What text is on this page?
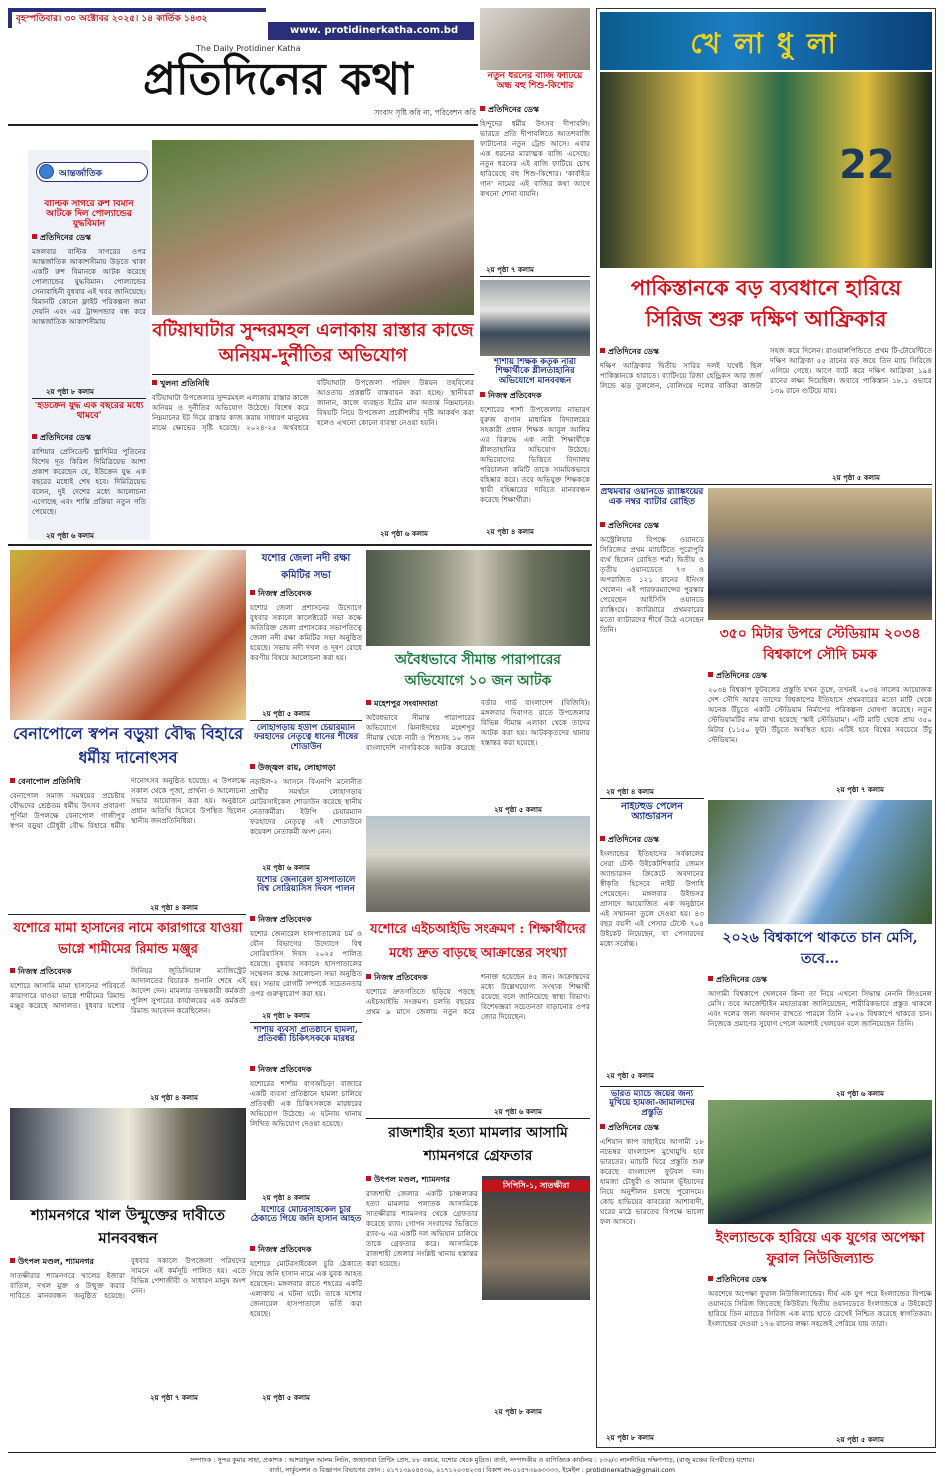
বৃহস্পতিবার। ৩০ অক্টোবর ২০২৫। ১৪ কার্তিক ১৪৩২
www. protidinerkatha.com.bd
The Daily Protidiner Katha
প্রতিদিনের কথা
সংবাদ সৃষ্টি করি না, পরিবেশন করি
আন্তর্জাতিক
বাল্টিক সাগরে রুশ বিমান আটকে দিল পোল্যান্ডের যুদ্ধবিমান
প্রতিদিনের ডেস্ক
মঙ্গলবার বাল্টিক সাগরের ওপর আন্তর্জাতিক আকাশসীমায় উড়তে থাকা একটি রুশ বিমানকে আটক করেছে পোল্যান্ডের যুদ্ধবিমান। পোল্যান্ডের সেনাবাহিনী বুধবার এই খবর জানিয়েছে। বিমানটি কোনো ফ্লাইট পরিকল্পনা জমা দেয়নি এবং এর ট্রান্সপন্ডার বন্ধ করে আন্তর্জাতিক আকাশসীমায়
২য় পৃষ্ঠা ৮ কলাম
'ইউক্রেন যুদ্ধ এক বছরের মধ্যে থামবে'
প্রতিদিনের ডেস্ক
রাশিয়ার প্রেসিডেন্ট ভ্লাদিমির পুতিনের বিশেষ দূত কিরিল দিমিত্রিয়েভ আশা প্রকাশ করেছেন যে, ইউক্রেন যুদ্ধ এক বছরের মধ্যেই শেষ হবে। দিমিত্রিয়েভ বলেন, দুই দেশের মধ্যে আলোচনা এগোচ্ছে এবং শান্তি প্রক্রিয়া নতুন গতি পেয়েছে।
২য় পৃষ্ঠা ৬ কলাম
বটিয়াঘাটার সুন্দরমহল এলাকায় রাস্তার কাজে অনিয়ম-দুর্নীতির অভিযোগ
খুলনা প্রতিনিধি
বটিয়াঘাটা উপজেলার সুন্দরমহল এলাকায় রাস্তার কাজে অনিয়ম ও দুর্নীতির অভিযোগ উঠেছে। বিশেষ করে নিম্নমানের ইট দিয়ে রাস্তার কাজ করায় সাধারণ মানুষের মাঝে ক্ষোভের সৃষ্টি হয়েছে। ২০২৪-২৫ অর্থবছরে বটিয়াঘাটা উপজেলা পরিষদ উন্নয়ন তহবিলের আওতায় প্রকল্পটি বাস্তবায়ন করা হচ্ছে। স্থানীয়রা জানান, কাজে ব্যবহৃত ইটের মান অত্যন্ত নিম্নমানের। বিষয়টি নিয়ে উপজেলা প্রকৌশলীর দৃষ্টি আকর্ষণ করা হলেও এখনো কোনো ব্যবস্থা নেওয়া হয়নি।
২য় পৃষ্ঠা ৬ কলাম
নতুন ধরনের বাজি ফাটিয়ে অন্ধ বহু শিশু-কিশোর
প্রতিদিনের ডেস্ক
হিন্দুদের ধর্মীয় উৎসব দীপাবলি। ভারতে প্রতি দীপাবলিতে আতশবাজি ফাটানোর নতুন ট্রেন্ড আসে। এবার এক ধরনের মারাত্মক বাজি এসেছে। নতুন ধরনের এই বাজি ফাটিয়ে চোখ হারিয়েছে বহু শিশু-কিশোর। 'কার্বাইড গান' নামের এই বাজির কথা আগে কখনো শোনা যায়নি।
২য় পৃষ্ঠা ৭ কলাম
শার্শায় শিক্ষক কর্তৃক নারী শিক্ষার্থীকে শ্লীলতাহানির অভিযোগে মানববন্ধন
নিজস্ব প্রতিবেদক
যশোরের শার্শা উপজেলার নাভারণ বুরুজ বাগান মাধ্যমিক বিদ্যালয়ের সহকারী প্রধান শিক্ষক আবুল আলিম এর বিরুদ্ধে এক নারী শিক্ষার্থীকে শ্লীলতাহানির অভিযোগ উঠেছে। অভিযোগের ভিত্তিতে বিদ্যালয় পরিচালনা কমিটি তাকে সাময়িকভাবে বহিষ্কার করে। তবে অভিযুক্ত শিক্ষককে স্থায়ী বহিষ্কারের দাবিতে মানববন্ধন করেছে শিক্ষার্থীরা।
২য় পৃষ্ঠা ৪ কলাম
খেলাধুলা
22
পাকিস্তানকে বড় ব্যবধানে হারিয়ে সিরিজ শুরু দক্ষিণ আফ্রিকার
প্রতিদিনের ডেস্ক
দক্ষিণ আফ্রিকার দ্বিতীয় সারির দলই যথেষ্ট ছিল পাকিস্তানকে হারাতে। ব্যাটিংয়ে রিজা হেন্ড্রিকস আর জর্জ লিন্ডে ঝড় তুললেন, বোলিংয়ে দলের বাকিরা কাজটা সহজ করে দিলেন। রাওয়ালপিন্ডিতে প্রথম টি-টোয়েন্টিতে দক্ষিণ আফ্রিকা ৫৫ রানের বড় জয়ে তিন ম্যাচ সিরিজে এগিয়ে গেছে। আগে ব্যাট করে দক্ষিণ আফ্রিকা ১৯৪ রানের লক্ষ্য দিয়েছিল। জবাবে পাকিস্তান ১৮.১ ওভারে ১৩৯ রানে গুটিয়ে যায়।
২য় পৃষ্ঠা ৫ কলাম
প্রথমবার ওয়ানডে র‌্যাঙ্কিংয়ের এক নম্বর ব্যাটার রোহিত
প্রতিদিনের ডেস্ক
অস্ট্রেলিয়ার বিপক্ষে ওয়ানডে সিরিজের প্রথম ম্যাচটিতে পুরোপুরি ব্যর্থ ছিলেন রোহিত শর্মা। দ্বিতীয় ও তৃতীয় ওয়ানডেতে ৭৩ ও অপরাজিত ১২১ রানের ইনিংস খেলেন। এই পারফরম্যান্সের পুরস্কার পেয়েছেন আইসিসি ওয়ানডে র‌্যাঙ্কিংয়ে। ক্যারিয়ারে প্রথমবারের মতো ব্যাটারদের শীর্ষে উঠে এসেছেন তিনি।
২য় পৃষ্ঠা ৪ কলাম
৩৫০ মিটার উপরে স্টেডিয়াম ২০৩৪ বিশ্বকাপে সৌদি চমক
প্রতিদিনের ডেস্ক
২০৩৪ বিশ্বকাপ ফুটবলের প্রস্তুতি যখন তুঙ্গে, তখনই ২০৩৪ সালের আয়োজক দেশ সৌদি আরব তাদের বিশ্বকাপের ইতিহাসে প্রথমবারের মতো মাটি থেকে অনেক উঁচুতে একটি স্টেডিয়াম নির্মাণের পরিকল্পনা ঘোষণা করেছে। নতুন স্টেডিয়ামটির নাম রাখা হয়েছে 'স্কাই স্টেডিয়াম'। এটি মাটি থেকে প্রায় ৩৫০ মিটার (১১৫০ ফুট) উঁচুতে অবস্থিত হবে। এটিই হবে বিশ্বের সবচেয়ে উঁচু স্টেডিয়াম।
২য় পৃষ্ঠা ৭ কলাম
নাইটহুড পেলেন অ্যান্ডারসন
প্রতিদিনের ডেস্ক
ইংল্যান্ডের ইতিহাসের সর্বকালের সেরা টেস্ট উইকেটশিকারি জেমস অ্যান্ডারসন ক্রিকেটে অবদানের স্বীকৃতি হিসেবে নাইট উপাধি পেয়েছেন। মঙ্গলবার উইন্ডসর প্রাসাদে আয়োজিত এক অনুষ্ঠানে এই সম্মাননা তুলে দেওয়া হয়। ৪৩ বছর বয়সী এই পেসার টেস্টে ৭০৪ উইকেট নিয়েছেন, যা পেসারদের মধ্যে সর্বোচ্চ।
২য় পৃষ্ঠা ৫ কলাম
২০২৬ বিশ্বকাপে থাকতে চান মেসি, তবে…
প্রতিদিনের ডেস্ক
আগামী বিশ্বকাপে খেলবেন কিনা তা নিয়ে এখনো সিদ্ধান্ত নেননি লিওনেল মেসি। তবে আর্জেন্টাইন মহাতারকা জানিয়েছেন, শারীরিকভাবে প্রস্তুত থাকলে এবং দলের জন্য অবদান রাখতে পারলে তিনি ২০২৬ বিশ্বকাপে থাকতে চান। নিজেকে প্রমাণের সুযোগ পেলে অবশ্যই খেলবেন বলে জানিয়েছেন তিনি।
২য় পৃষ্ঠা ৬ কলাম
ভারত ম্যাচে জয়ের জন্য মুখিয়ে হামজা-জামালদের প্রস্তুতি
প্রতিদিনের ডেস্ক
এশিয়ান কাপ বাছাইয়ে আগামী ১৮ নভেম্বর বাংলাদেশ মুখোমুখি হবে ভারতের। ম্যাচটি ঘিরে প্রস্তুতি শুরু করেছে বাংলাদেশ ফুটবল দল। হামজা চৌধুরী ও জামাল ভূঁইয়াদের নিয়ে অনুশীলন চলছে পুরোদমে। কোচ হাভিয়ের কাবরেরা আশাবাদী, ঘরের মাঠে ভারতের বিপক্ষে ভালো ফল আসবে।
২য় পৃষ্ঠা ৮ কলাম
ইংল্যান্ডকে হারিয়ে এক যুগের অপেক্ষা ফুরাল নিউজিল্যান্ড
প্রতিদিনের ডেস্ক
অবশেষে অপেক্ষা ফুরাল নিউজিল্যান্ডের। দীর্ঘ এক যুগ পরে ইংল্যান্ডের বিপক্ষে ওয়ানডে সিরিজ জিতেছে কিউইরা। দ্বিতীয় ওয়ানডেতে ইংল্যান্ডকে ৫ উইকেটে হারিয়ে তিন ম্যাচের সিরিজ এক ম্যাচ হাতে রেখেই নিশ্চিত করেছে স্বাগতিকরা। ইংল্যান্ডের দেওয়া ১৭৬ রানের লক্ষ্য সহজেই পেরিয়ে যায় তারা।
২য় পৃষ্ঠা ৫ কলাম
বেনাপোলে স্বপন বড়ুয়া বৌদ্ধ বিহারে ধর্মীয় দানোৎসব
বেনাপোল প্রতিনিধি
বেনাপোল সমাজ সমন্বয়ের প্রচেষ্টায় বৌদ্ধদের শ্রেষ্ঠতম ধর্মীয় উৎসব প্রবারণা পূর্ণিমা উপলক্ষে বেনাপোল গাজীপুর স্বপন বড়ুয়া চৌধুরী বৌদ্ধ বিহারে ধর্মীয় দানোৎসব অনুষ্ঠিত হয়েছে। এ উপলক্ষে সকাল থেকে পূজা, প্রার্থনা ও আলোচনা সভার আয়োজন করা হয়। অনুষ্ঠানে প্রধান অতিথি হিসেবে উপস্থিত ছিলেন স্থানীয় জনপ্রতিনিধিরা।
২য় পৃষ্ঠা ৪ কলাম
যশোর জেলা নদী রক্ষা কমিটির সভা
নিজস্ব প্রতিবেদক
যশোর জেলা প্রশাসনের উদ্যোগে বুধবার সকালে কালেক্টরেট সভা কক্ষে অতিরিক্ত জেলা প্রশাসকের সভাপতিত্বে জেলা নদী রক্ষা কমিটির সভা অনুষ্ঠিত হয়েছে। সভায় নদী দখল ও দূষণ রোধে করণীয় বিষয়ে আলোচনা করা হয়।
২য় পৃষ্ঠা ৫ কলাম
লোহাগড়ায় ইউপি চেয়ারম্যান ফরহাদের নেতৃত্বে ধানের শীষের শোডাউন
উজ্জ্বল রায়, লোহাগড়া
নড়াইল-২ আসনে বিএনপি মনোনীত প্রার্থীর সমর্থনে লোহাগড়ায় মোটরসাইকেল শোডাউন করেছে স্থানীয় নেতাকর্মীরা। ইউপি চেয়ারম্যান ফরহাদের নেতৃত্বে এই শোডাউনে কয়েকশ নেতাকর্মী অংশ নেন।
২য় পৃষ্ঠা ৬ কলাম
অবৈধভাবে সীমান্ত পারাপারের অভিযোগে ১০ জন আটক
মহেশপুর সংবাদদাতা
অবৈধভাবে সীমান্ত পারাপারের অভিযোগে ঝিনাইদহের মহেশপুর সীমান্ত থেকে নারী ও শিশুসহ ১০ জন বাংলাদেশি নাগরিককে আটক করেছে বর্ডার গার্ড বাংলাদেশ (বিজিবি)। মঙ্গলবার দিবাগত রাতে উপজেলার বিভিন্ন সীমান্ত এলাকা থেকে তাদের আটক করা হয়। আটককৃতদের থানায় হস্তান্তর করা হয়েছে।
২য় পৃষ্ঠা ৫ কলাম
যশোরে মামা হাসানের নামে কারাগারে যাওয়া ভাগ্নে শামীমের রিমান্ড মঞ্জুর
নিজস্ব প্রতিবেদক
যশোরে আসামি মামা হাসানের পরিবর্তে কারাগারে যাওয়া ভাগ্নে শামীমের রিমান্ড মঞ্জুর করেছে আদালত। বুধবার যশোর সিনিয়র জুডিসিয়াল ম্যাজিস্ট্রেট আদালতের বিচারক শুনানি শেষে এই আদেশ দেন। মামলার তদন্তকারী কর্মকর্তা পুলিশ সুপারের কার্যালয়ের এক কর্মকর্তা রিমান্ড আবেদন করেছিলেন।
২য় পৃষ্ঠা ৪ কলাম
যশোর জেনারেল হাসপাতালে বিশ্ব সোরিয়াসিস দিবস পালন
নিজস্ব প্রতিবেদক
যশোর জেনারেল হাসপাতালের চর্ম ও যৌন বিভাগের উদ্যোগে বিশ্ব সোরিয়াসিস দিবস ২০২৫ পালিত হয়েছে। বুধবার সকালে হাসপাতালের সম্মেলন কক্ষে আলোচনা সভা অনুষ্ঠিত হয়। সভায় রোগটি সম্পর্কে সচেতনতার ওপর গুরুত্বারোপ করা হয়।
২য় পৃষ্ঠা ৮ কলাম
শার্শায় ব্যবসা প্রতিষ্ঠানে হামলা, প্রতিবন্ধী চিকিৎসককে মারধর
নিজস্ব প্রতিবেদক
যশোরের শার্শায় বাগআঁচড়া বাজারে একটি ব্যবসা প্রতিষ্ঠানে হামলা চালিয়ে প্রতিবন্ধী এক চিকিৎসককে মারধরের অভিযোগ উঠেছে। এ ঘটনায় থানায় লিখিত অভিযোগ দেওয়া হয়েছে।
২য় পৃষ্ঠা ৪ কলাম
যশোরে এইচআইভি সংক্রমণ : শিক্ষার্থীদের মধ্যে দ্রুত বাড়ছে আক্রান্তের সংখ্যা
নিজস্ব প্রতিবেদক
যশোরে দ্রুতগতিতে ছড়িয়ে পড়ছে এইচআইভি সংক্রমণ। চলতি বছরের প্রথম ৯ মাসে জেলায় নতুন করে শনাক্ত হয়েছেন ৪৫ জন। আক্রান্তদের মধ্যে উল্লেখযোগ্য সংখ্যক শিক্ষার্থী রয়েছে বলে জানিয়েছে স্বাস্থ্য বিভাগ। বিশেষজ্ঞরা সচেতনতা বাড়ানোর ওপর জোর দিয়েছেন।
২য় পৃষ্ঠা ৬ কলাম
শ্যামনগরে খাল উন্মুক্তের দাবীতে মানববন্ধন
উৎপল মণ্ডল, শ্যামনগর
সাতক্ষীরার শ্যামনগরে খালের ইজারা বাতিল, দখল মুক্ত ও উন্মুক্ত করার দাবিতে মানববন্ধন অনুষ্ঠিত হয়েছে। বুধবার সকালে উপজেলা পরিষদের সামনে এই কর্মসূচি পালিত হয়। এতে বিভিন্ন পেশাজীবী ও সাধারণ মানুষ অংশ নেন।
২য় পৃষ্ঠা ৭ কলাম
যশোরে মোটরসাইকেল চুরি ঠেকাতে গিয়ে জনি হাসান আহত
নিজস্ব প্রতিবেদক
যশোরে মোটরসাইকেল চুরি ঠেকাতে গিয়ে জনি হাসান নামে এক যুবক আহত হয়েছেন। মঙ্গলবার রাতে শহরের একটি এলাকায় এ ঘটনা ঘটে। তাকে যশোর জেনারেল হাসপাতালে ভর্তি করা হয়েছে।
২য় পৃষ্ঠা ৫ কলাম
রাজশাহীর হত্যা মামলার আসামি শ্যামনগরে গ্রেফতার
উৎপল মণ্ডল, শ্যামনগর
রাজশাহী জেলার একটি চাঞ্চল্যকর হত্যা মামলার পলাতক আসামিকে সাতক্ষীরার শ্যামনগর থেকে গ্রেফতার করেছে র‌্যাব। গোপন সংবাদের ভিত্তিতে র‌্যাব-৬ এর একটি দল অভিযান চালিয়ে তাকে গ্রেফতার করে। আসামিকে রাজশাহী জেলার সংশ্লিষ্ট থানায় হস্তান্তর করা হয়েছে।
সিপিসি-১, সাতক্ষীরা
২য় পৃষ্ঠা ৮ কলাম
সম্পাদক : সুন্দর কুমার সাহা, প্রকাশক : আশরাফুল আলম লিটন, জাহানারা প্রিন্টিং প্রেস, ৮৮ বকচর, যশোর থেকে মুদ্রিত। বার্তা, সম্পাদকীয় ও বাণিজ্যিক কার্যালয় : ১৩৬/৩ লালদীঘির দক্ষিণপাড়, (রাজু মঞ্চের বিপরীতে) যশোর।
বার্তা, সার্কুলেশন ও বিজ্ঞাপন বিভাগের ফোন : ০১৭১৩৯০৪৫৩৯, ০১৭১২০৩৪২৩৪। বিকাশ নং-০১৫৭৩৯৬৩৩৩৩, ইমেইল : protidinerkatha@gmail.com
